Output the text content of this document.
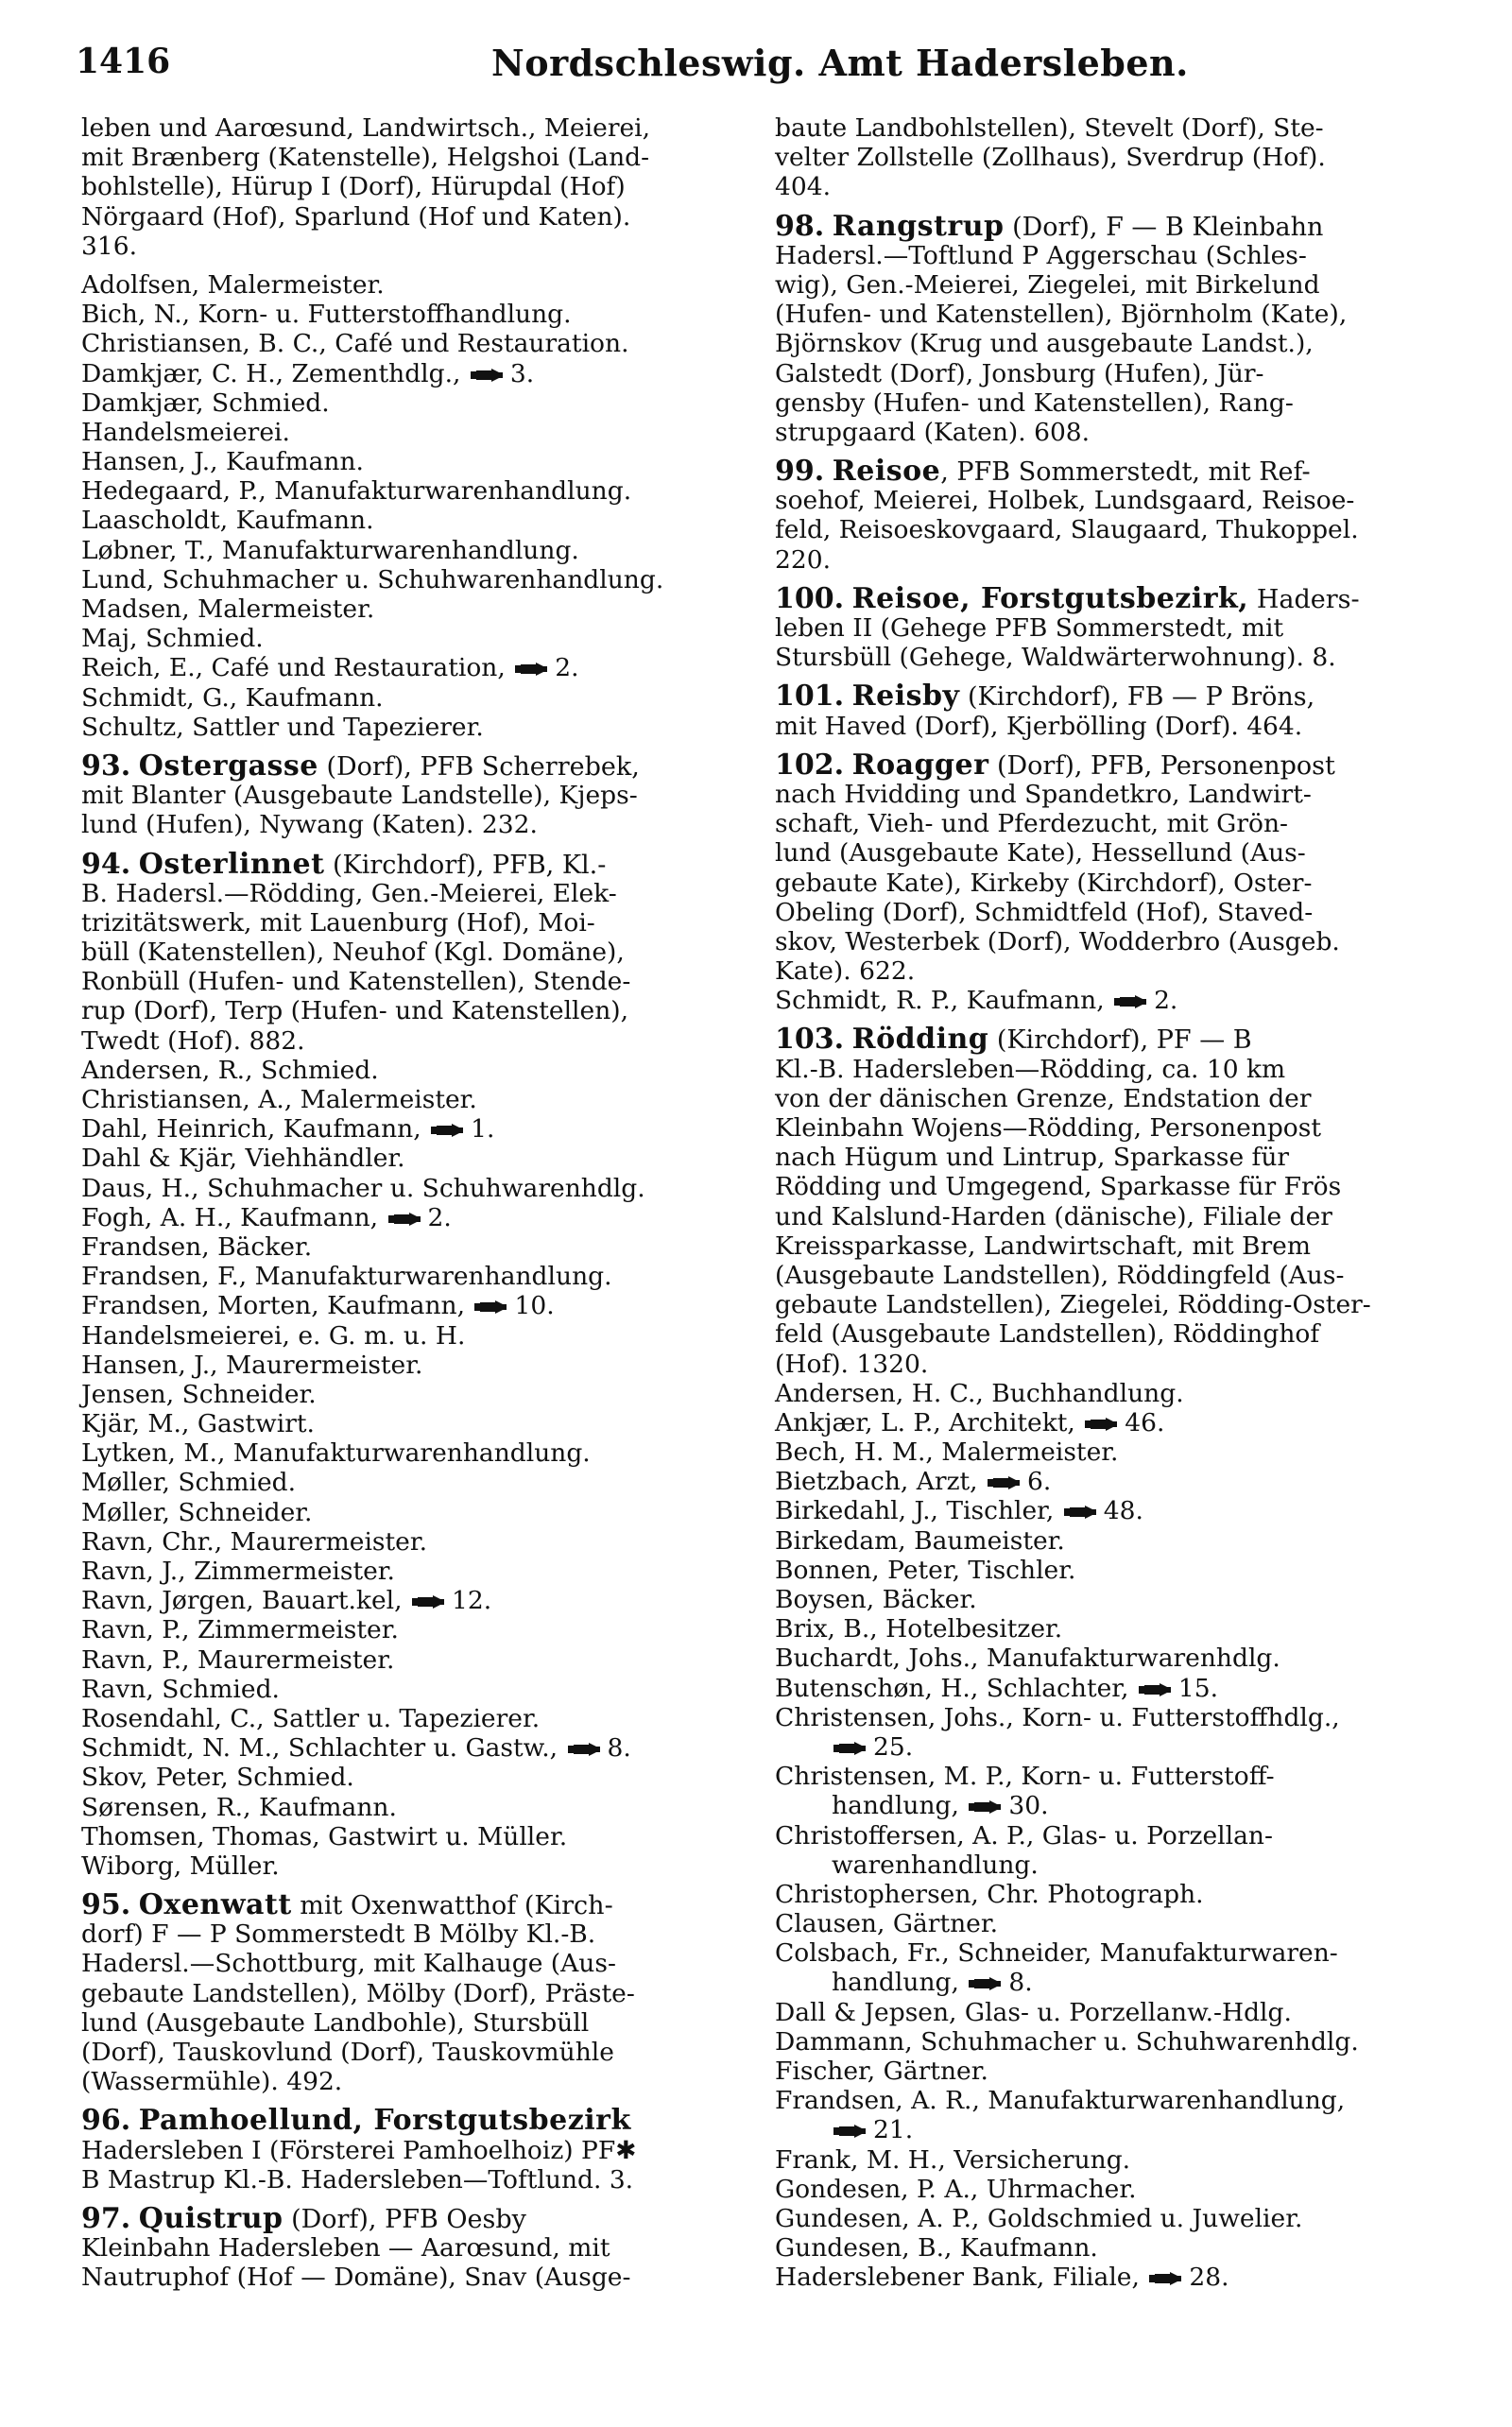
1416	Nordschleswig. Amt Hadersleben.
leben und Aarœsund, Landwirtsch., Meierei,
mit Brænberg (Katenstelle), Helgshoi (Land-
bohlstelle), Hürup I (Dorf), Hürupdal (Hof)
Nörgaard (Hof), Sparlund (Hof und Katen).
316.
Adolfsen, Malermeister.
Bich, N., Korn- u. Futterstoffhandlung.
Christiansen, B. C., Café und Restauration.
Damkjær, C. H., Zementhdlg., 3.
Damkjær, Schmied.
Handelsmeierei.
Hansen, J., Kaufmann.
Hedegaard, P., Manufakturwarenhandlung.
Laascholdt, Kaufmann.
Løbner, T., Manufakturwarenhandlung.
Lund, Schuhmacher u. Schuhwarenhandlung.
Madsen, Malermeister.
Maj, Schmied.
Reich, E., Café und Restauration, 2.
Schmidt, G., Kaufmann.
Schultz, Sattler und Tapezierer.
93. Ostergasse (Dorf), PFB Scherrebek,
mit Blanter (Ausgebaute Landstelle), Kjeps-
lund (Hufen), Nywang (Katen). 232.
94. Osterlinnet (Kirchdorf), PFB, Kl.-
B. Hadersl.—Rödding, Gen.-Meierei, Elek-
trizitätswerk, mit Lauenburg (Hof), Moi-
büll (Katenstellen), Neuhof (Kgl. Domäne),
Ronbüll (Hufen- und Katenstellen), Stende-
rup (Dorf), Terp (Hufen- und Katenstellen),
Twedt (Hof). 882.
Andersen, R., Schmied.
Christiansen, A., Malermeister.
Dahl, Heinrich, Kaufmann, 1.
Dahl & Kjär, Viehhändler.
Daus, H., Schuhmacher u. Schuhwarenhdlg.
Fogh, A. H., Kaufmann, 2.
Frandsen, Bäcker.
Frandsen, F., Manufakturwarenhandlung.
Frandsen, Morten, Kaufmann, 10.
Handelsmeierei, e. G. m. u. H.
Hansen, J., Maurermeister.
Jensen, Schneider.
Kjär, M., Gastwirt.
Lytken, M., Manufakturwarenhandlung.
Møller, Schmied.
Møller, Schneider.
Ravn, Chr., Maurermeister.
Ravn, J., Zimmermeister.
Ravn, Jørgen, Bauart.kel, 12.
Ravn, P., Zimmermeister.
Ravn, P., Maurermeister.
Ravn, Schmied.
Rosendahl, C., Sattler u. Tapezierer.
Schmidt, N. M., Schlachter u. Gastw., 8.
Skov, Peter, Schmied.
Sørensen, R., Kaufmann.
Thomsen, Thomas, Gastwirt u. Müller.
Wiborg, Müller.
95. Oxenwatt mit Oxenwatthof (Kirch-
dorf) F — P Sommerstedt B Mölby Kl.-B.
Hadersl.—Schottburg, mit Kalhauge (Aus-
gebaute Landstellen), Mölby (Dorf), Präste-
lund (Ausgebaute Landbohle), Stursbüll
(Dorf), Tauskovlund (Dorf), Tauskovmühle
(Wassermühle). 492.
96. Pamhoellund, Forstgutsbezirk
Hadersleben I (Försterei Pamhoelhoiz) PF✱
B Mastrup Kl.-B. Hadersleben—Toftlund. 3.
97. Quistrup (Dorf), PFB Oesby
Kleinbahn Hadersleben — Aarœsund, mit
Nautruphof (Hof — Domäne), Snav (Ausge-
baute Landbohlstellen), Stevelt (Dorf), Ste-
velter Zollstelle (Zollhaus), Sverdrup (Hof).
404.
98. Rangstrup (Dorf), F — B Kleinbahn
Hadersl.—Toftlund P Aggerschau (Schles-
wig), Gen.-Meierei, Ziegelei, mit Birkelund
(Hufen- und Katenstellen), Björnholm (Kate),
Björnskov (Krug und ausgebaute Landst.),
Galstedt (Dorf), Jonsburg (Hufen), Jür-
gensby (Hufen- und Katenstellen), Rang-
strupgaard (Katen). 608.
99. Reisoe, PFB Sommerstedt, mit Ref-
soehof, Meierei, Holbek, Lundsgaard, Reisoe-
feld, Reisoeskovgaard, Slaugaard, Thukoppel.
220.
100. Reisoe, Forstgutsbezirk, Haders-
leben II (Gehege PFB Sommerstedt, mit
Stursbüll (Gehege, Waldwärterwohnung). 8.
101. Reisby (Kirchdorf), FB — P Bröns,
mit Haved (Dorf), Kjerbölling (Dorf). 464.
102. Roagger (Dorf), PFB, Personenpost
nach Hvidding und Spandetkro, Landwirt-
schaft, Vieh- und Pferdezucht, mit Grön-
lund (Ausgebaute Kate), Hessellund (Aus-
gebaute Kate), Kirkeby (Kirchdorf), Oster-
Obeling (Dorf), Schmidtfeld (Hof), Staved-
skov, Westerbek (Dorf), Wodderbro (Ausgeb.
Kate). 622.
Schmidt, R. P., Kaufmann, 2.
103. Rödding (Kirchdorf), PF — B
Kl.-B. Hadersleben—Rödding, ca. 10 km
von der dänischen Grenze, Endstation der
Kleinbahn Wojens—Rödding, Personenpost
nach Hügum und Lintrup, Sparkasse für
Rödding und Umgegend, Sparkasse für Frös
und Kalslund-Harden (dänische), Filiale der
Kreissparkasse, Landwirtschaft, mit Brem
(Ausgebaute Landstellen), Röddingfeld (Aus-
gebaute Landstellen), Ziegelei, Rödding-Oster-
feld (Ausgebaute Landstellen), Röddinghof
(Hof). 1320.
Andersen, H. C., Buchhandlung.
Ankjær, L. P., Architekt, 46.
Bech, H. M., Malermeister.
Bietzbach, Arzt, 6.
Birkedahl, J., Tischler, 48.
Birkedam, Baumeister.
Bonnen, Peter, Tischler.
Boysen, Bäcker.
Brix, B., Hotelbesitzer.
Buchardt, Johs., Manufakturwarenhdlg.
Butenschøn, H., Schlachter, 15.
Christensen, Johs., Korn- u. Futterstoffhdlg.,
25.
Christensen, M. P., Korn- u. Futterstoff-
handlung, 30.
Christoffersen, A. P., Glas- u. Porzellan-
warenhandlung.
Christophersen, Chr. Photograph.
Clausen, Gärtner.
Colsbach, Fr., Schneider, Manufakturwaren-
handlung, 8.
Dall & Jepsen, Glas- u. Porzellanw.-Hdlg.
Dammann, Schuhmacher u. Schuhwarenhdlg.
Fischer, Gärtner.
Frandsen, A. R., Manufakturwarenhandlung,
21.
Frank, M. H., Versicherung.
Gondesen, P. A., Uhrmacher.
Gundesen, A. P., Goldschmied u. Juwelier.
Gundesen, B., Kaufmann.
Haderslebener Bank, Filiale, 28.
